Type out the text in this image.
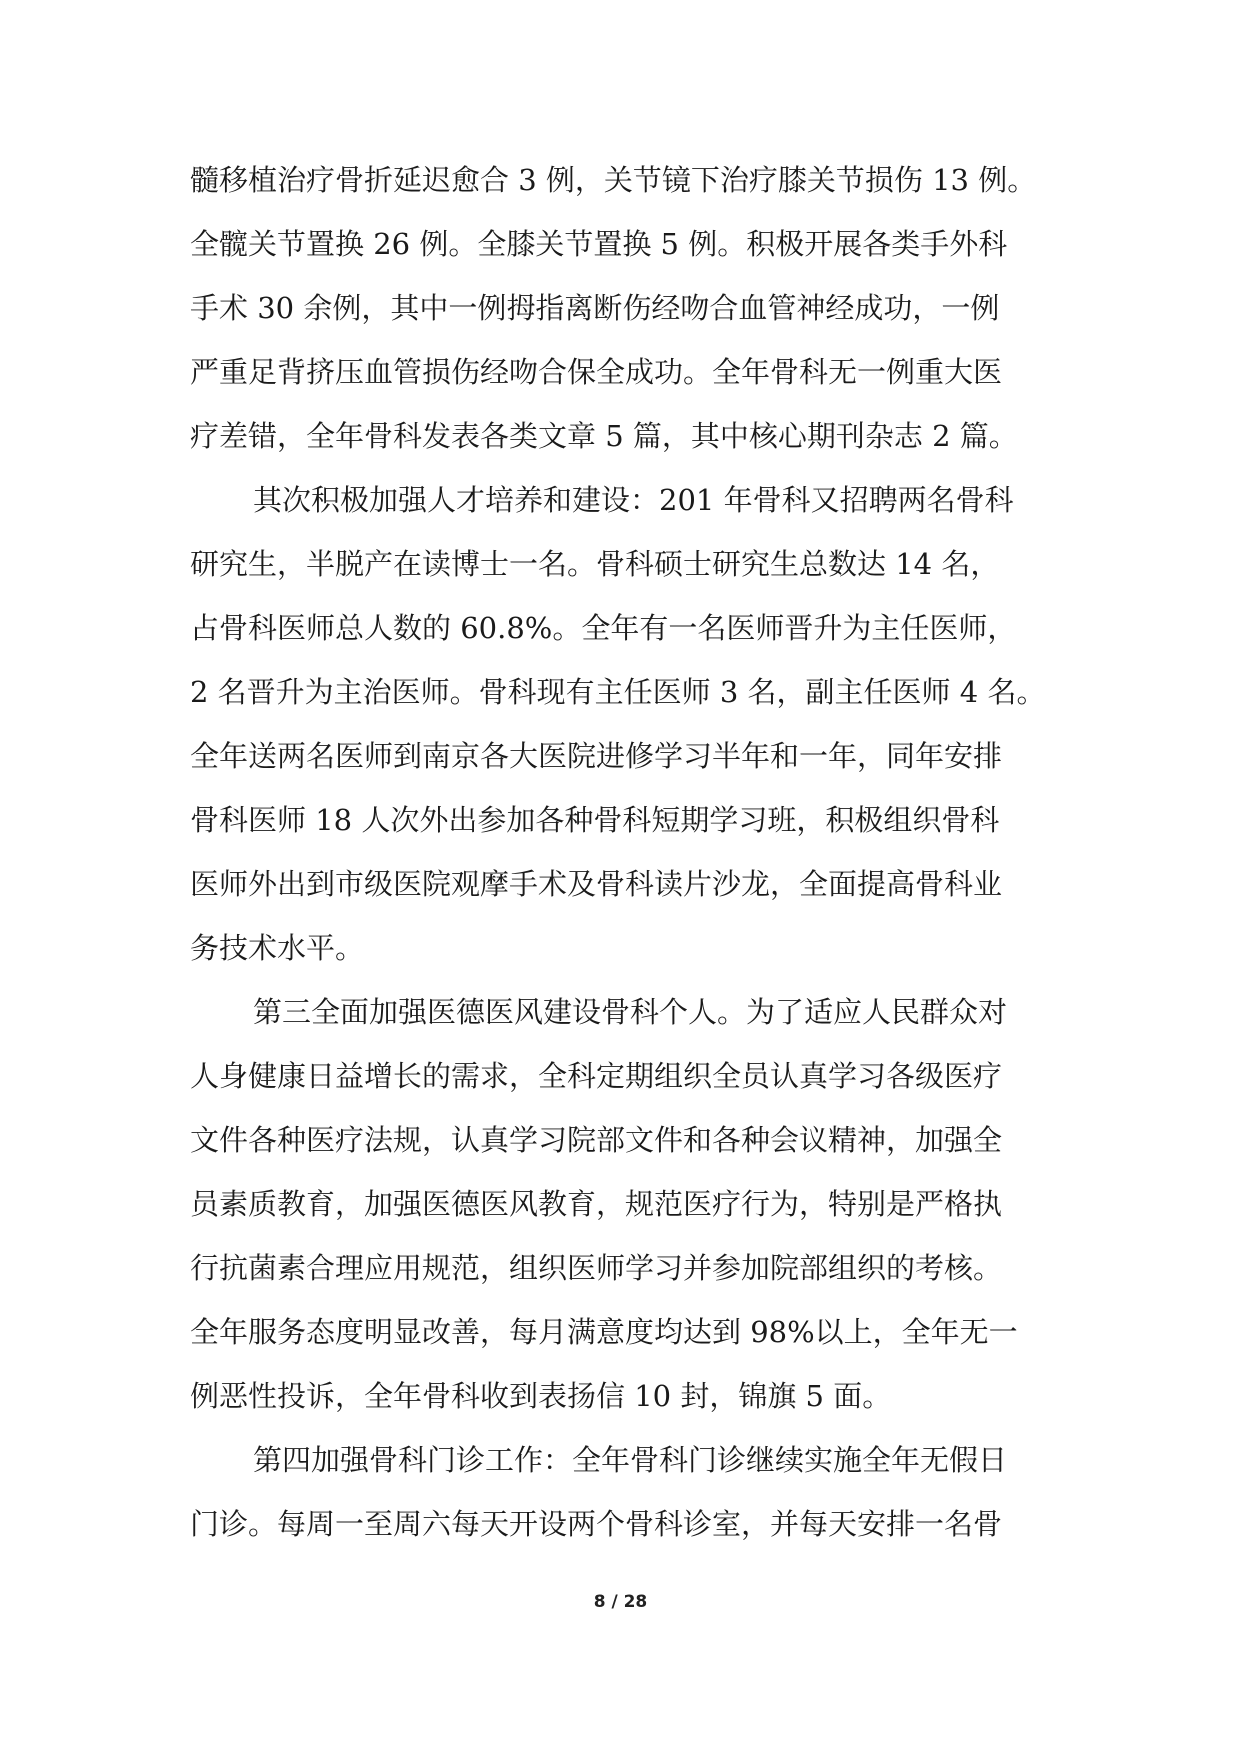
髓移植治疗骨折延迟愈合 3 例，关节镜下治疗膝关节损伤 13 例。
全髋关节置换 26 例。全膝关节置换 5 例。积极开展各类手外科
手术 30 余例，其中一例拇指离断伤经吻合血管神经成功，一例
严重足背挤压血管损伤经吻合保全成功。全年骨科无一例重大医
疗差错，全年骨科发表各类文章 5 篇，其中核心期刊杂志 2 篇。
其次积极加强人才培养和建设：201 年骨科又招聘两名骨科
研究生，半脱产在读博士一名。骨科硕士研究生总数达 14 名，
占骨科医师总人数的 60.8%。全年有一名医师晋升为主任医师，
2 名晋升为主治医师。骨科现有主任医师 3 名，副主任医师 4 名。
全年送两名医师到南京各大医院进修学习半年和一年，同年安排
骨科医师 18 人次外出参加各种骨科短期学习班，积极组织骨科
医师外出到市级医院观摩手术及骨科读片沙龙，全面提高骨科业
务技术水平。
第三全面加强医德医风建设骨科个人。为了适应人民群众对
人身健康日益增长的需求，全科定期组织全员认真学习各级医疗
文件各种医疗法规，认真学习院部文件和各种会议精神，加强全
员素质教育，加强医德医风教育，规范医疗行为，特别是严格执
行抗菌素合理应用规范，组织医师学习并参加院部组织的考核。
全年服务态度明显改善，每月满意度均达到 98%以上，全年无一
例恶性投诉，全年骨科收到表扬信 10 封，锦旗 5 面。
第四加强骨科门诊工作：全年骨科门诊继续实施全年无假日
门诊。每周一至周六每天开设两个骨科诊室，并每天安排一名骨
8 / 28
